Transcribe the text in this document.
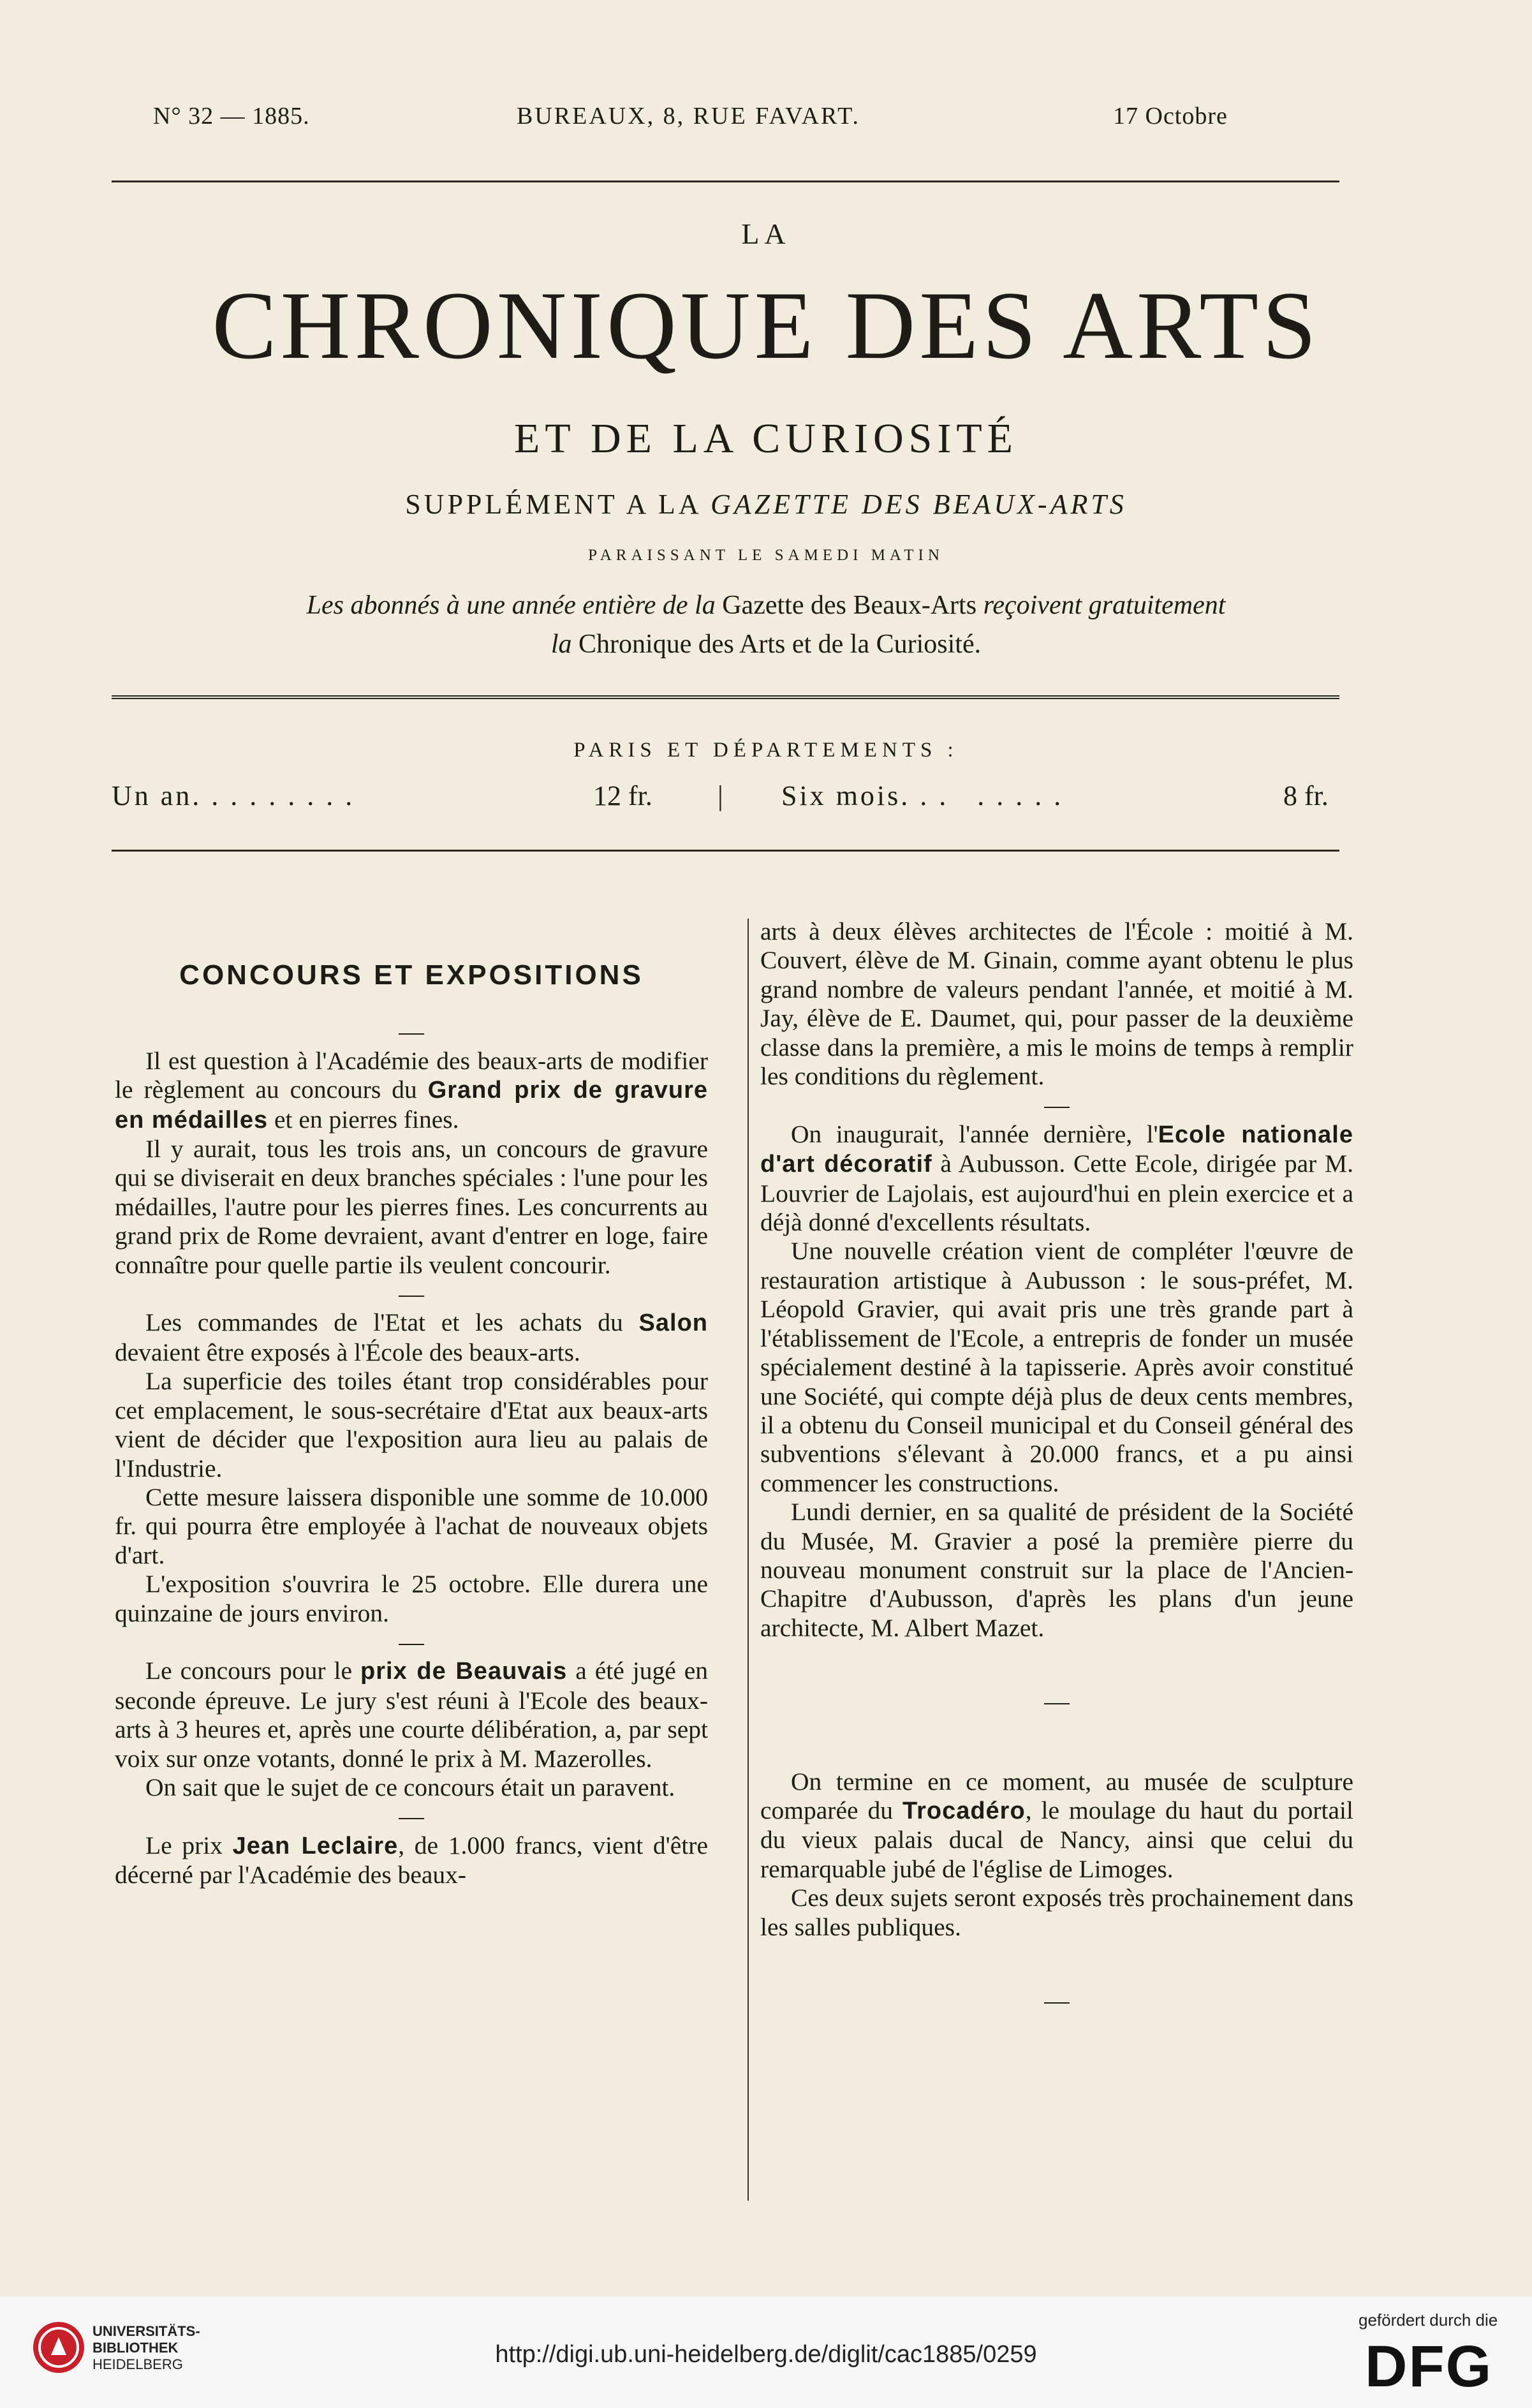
N° 32 — 1885.	BUREAUX, 8, RUE FAVART.	17 Octobre
LA
CHRONIQUE DES ARTS
ET DE LA CURIOSITÉ
SUPPLÉMENT A LA GAZETTE DES BEAUX-ARTS
PARAISSANT LE SAMEDI MATIN
Les abonnés à une année entière de la Gazette des Beaux-Arts reçoivent gratuitement
la Chronique des Arts et de la Curiosité.
PARIS ET DÉPARTEMENTS :
Un an. . . . . . . . .	12 fr. | Six mois. . .   . . . . .	8 fr.
CONCOURS ET EXPOSITIONS

—

Il est question à l'Académie des beaux-arts de modifier le règlement au concours du Grand prix de gravure en médailles et en pierres fines.

Il y aurait, tous les trois ans, un concours de gravure qui se diviserait en deux branches spéciales : l'une pour les médailles, l'autre pour les pierres fines. Les concurrents au grand prix de Rome devraient, avant d'entrer en loge, faire connaître pour quelle partie ils veulent concourir.

—

Les commandes de l'Etat et les achats du Salon devaient être exposés à l'École des beaux-arts.

La superficie des toiles étant trop considérables pour cet emplacement, le sous-secrétaire d'Etat aux beaux-arts vient de décider que l'exposition aura lieu au palais de l'Industrie.

Cette mesure laissera disponible une somme de 10.000 fr. qui pourra être employée à l'achat de nouveaux objets d'art.

L'exposition s'ouvrira le 25 octobre. Elle durera une quinzaine de jours environ.

—

Le concours pour le prix de Beauvais a été jugé en seconde épreuve. Le jury s'est réuni à l'Ecole des beaux-arts à 3 heures et, après une courte délibération, a, par sept voix sur onze votants, donné le prix à M. Mazerolles.

On sait que le sujet de ce concours était un paravent.

—

Le prix Jean Leclaire, de 1.000 francs, vient d'être décerné par l'Académie des beaux-

arts à deux élèves architectes de l'École : moitié à M. Couvert, élève de M. Ginain, comme ayant obtenu le plus grand nombre de valeurs pendant l'année, et moitié à M. Jay, élève de E. Daumet, qui, pour passer de la deuxième classe dans la première, a mis le moins de temps à remplir les conditions du règlement.

—

On inaugurait, l'année dernière, l'Ecole nationale d'art décoratif à Aubusson. Cette Ecole, dirigée par M. Louvrier de Lajolais, est aujourd'hui en plein exercice et a déjà donné d'excellents résultats.

Une nouvelle création vient de compléter l'œuvre de restauration artistique à Aubusson : le sous-préfet, M. Léopold Gravier, qui avait pris une très grande part à l'établissement de l'Ecole, a entrepris de fonder un musée spécialement destiné à la tapisserie. Après avoir constitué une Société, qui compte déjà plus de deux cents membres, il a obtenu du Conseil municipal et du Conseil général des subventions s'élevant à 20.000 francs, et a pu ainsi commencer les constructions.

Lundi dernier, en sa qualité de président de la Société du Musée, M. Gravier a posé la première pierre du nouveau monument construit sur la place de l'Ancien-Chapitre d'Aubusson, d'après les plans d'un jeune architecte, M. Albert Mazet.

—

On termine en ce moment, au musée de sculpture comparée du Trocadéro, le moulage du haut du portail du vieux palais ducal de Nancy, ainsi que celui du remarquable jubé de l'église de Limoges.

Ces deux sujets seront exposés très prochainement dans les salles publiques.

—

UNIVERSITÄTS-
BIBLIOTHEK
HEIDELBERG	http://digi.ub.uni-heidelberg.de/diglit/cac1885/0259
gefördert durch die
DFG
